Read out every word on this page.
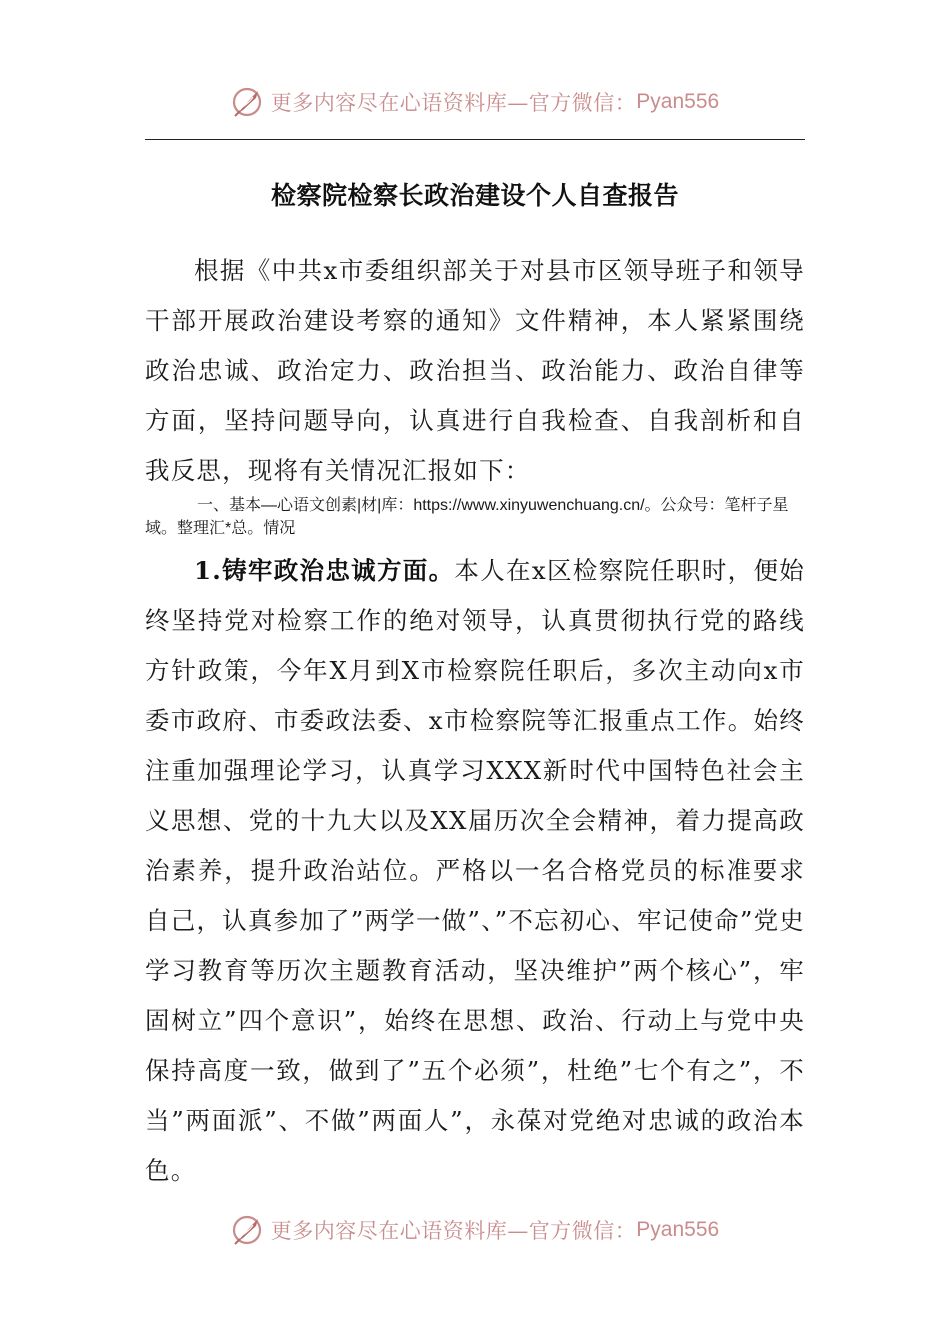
更多内容尽在心语资料库—官方微信： Pyan556
检察院检察长政治建设个人自查报告

根据《中共x市委组织部关于对县市区领导班子和领导干部开展政治建设考察的通知》文件精神，本人紧紧围绕政治忠诚、政治定力、政治担当、政治能力、政治自律等方面，坚持问题导向，认真进行自我检查、自我剖析和自我反思，现将有关情况汇报如下：

一、基本—心语文创素|材|库：https://www.xinyuwenchuang.cn/。公众号：笔杆子星域。整理汇*总。情况

1.铸牢政治忠诚方面。本人在x区检察院任职时，便始终坚持党对检察工作的绝对领导，认真贯彻执行党的路线方针政策，今年X月到X市检察院任职后，多次主动向x市委市政府、市委政法委、x市检察院等汇报重点工作。始终注重加强理论学习，认真学习XXX新时代中国特色社会主义思想、党的十九大以及XX届历次全会精神，着力提高政治素养，提升政治站位。严格以一名合格党员的标准要求自己，认真参加了”两学一做”、”不忘初心、牢记使命”党史学习教育等历次主题教育活动，坚决维护”两个核心”，牢固树立”四个意识”，始终在思想、政治、行动上与党中央保持高度一致，做到了”五个必须”，杜绝”七个有之”，不当”两面派”、不做”两面人”，永葆对党绝对忠诚的政治本色。

更多内容尽在心语资料库—官方微信： Pyan556
